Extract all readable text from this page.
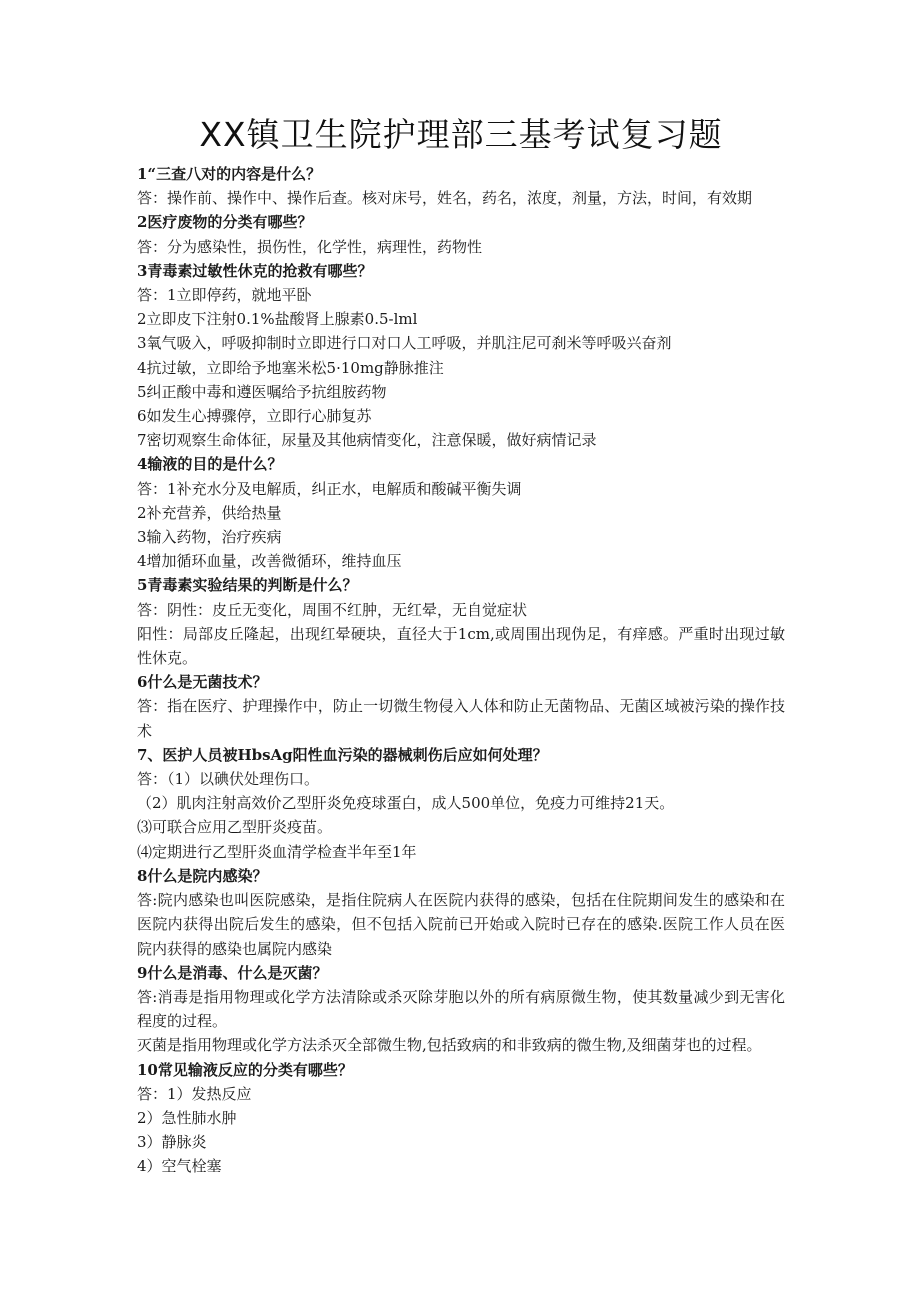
XX镇卫生院护理部三基考试复习题
1“三查八对的内容是什么？
答：操作前、操作中、操作后查。核对床号，姓名，药名，浓度，剂量，方法，时间，有效期
2医疗废物的分类有哪些？
答：分为感染性，损伤性，化学性，病理性，药物性
3青毒素过敏性休克的抢救有哪些？
答：1立即停药，就地平卧
2立即皮下注射0.1%盐酸肾上腺素0.5-lml
3氧气吸入，呼吸抑制时立即进行口对口人工呼吸，并肌注尼可刹米等呼吸兴奋剂
4抗过敏，立即给予地塞米松5·10mg静脉推注
5纠正酸中毒和遵医嘱给予抗组胺药物
6如发生心搏骤停，立即行心肺复苏
7密切观察生命体征，尿量及其他病情变化，注意保暖，做好病情记录
4输液的目的是什么？
答：1补充水分及电解质，纠正水，电解质和酸碱平衡失调
2补充营养，供给热量
3输入药物，治疗疾病
4增加循环血量，改善微循环，维持血压
5青毒素实验结果的判断是什么？
答：阴性：皮丘无变化，周围不红肿，无红晕，无自觉症状
阳性：局部皮丘隆起，出现红晕硬块，直径大于1cm,或周围出现伪足，有痒感。严重时出现过敏性休克。
6什么是无菌技术？
答：指在医疗、护理操作中，防止一切微生物侵入人体和防止无菌物品、无菌区域被污染的操作技术
7、医护人员被HbsAg阳性血污染的器械刺伤后应如何处理？
答：（1）以碘伏处理伤口。
（2）肌肉注射高效价乙型肝炎免疫球蛋白，成人500单位，免疫力可维持21天。
⑶可联合应用乙型肝炎疫苗。
⑷定期进行乙型肝炎血清学检查半年至1年
8什么是院内感染？
答:院内感染也叫医院感染，是指住院病人在医院内获得的感染，包括在住院期间发生的感染和在医院内获得出院后发生的感染，但不包括入院前已开始或入院时已存在的感染.医院工作人员在医院内获得的感染也属院内感染
9什么是消毒、什么是灭菌？
答:消毒是指用物理或化学方法清除或杀灭除芽胞以外的所有病原微生物，使其数量减少到无害化程度的过程。
灭菌是指用物理或化学方法杀灭全部微生物,包括致病的和非致病的微生物,及细菌芽也的过程。
10常见输液反应的分类有哪些？
答：1）发热反应
2）急性肺水肿
3）静脉炎
4）空气栓塞
